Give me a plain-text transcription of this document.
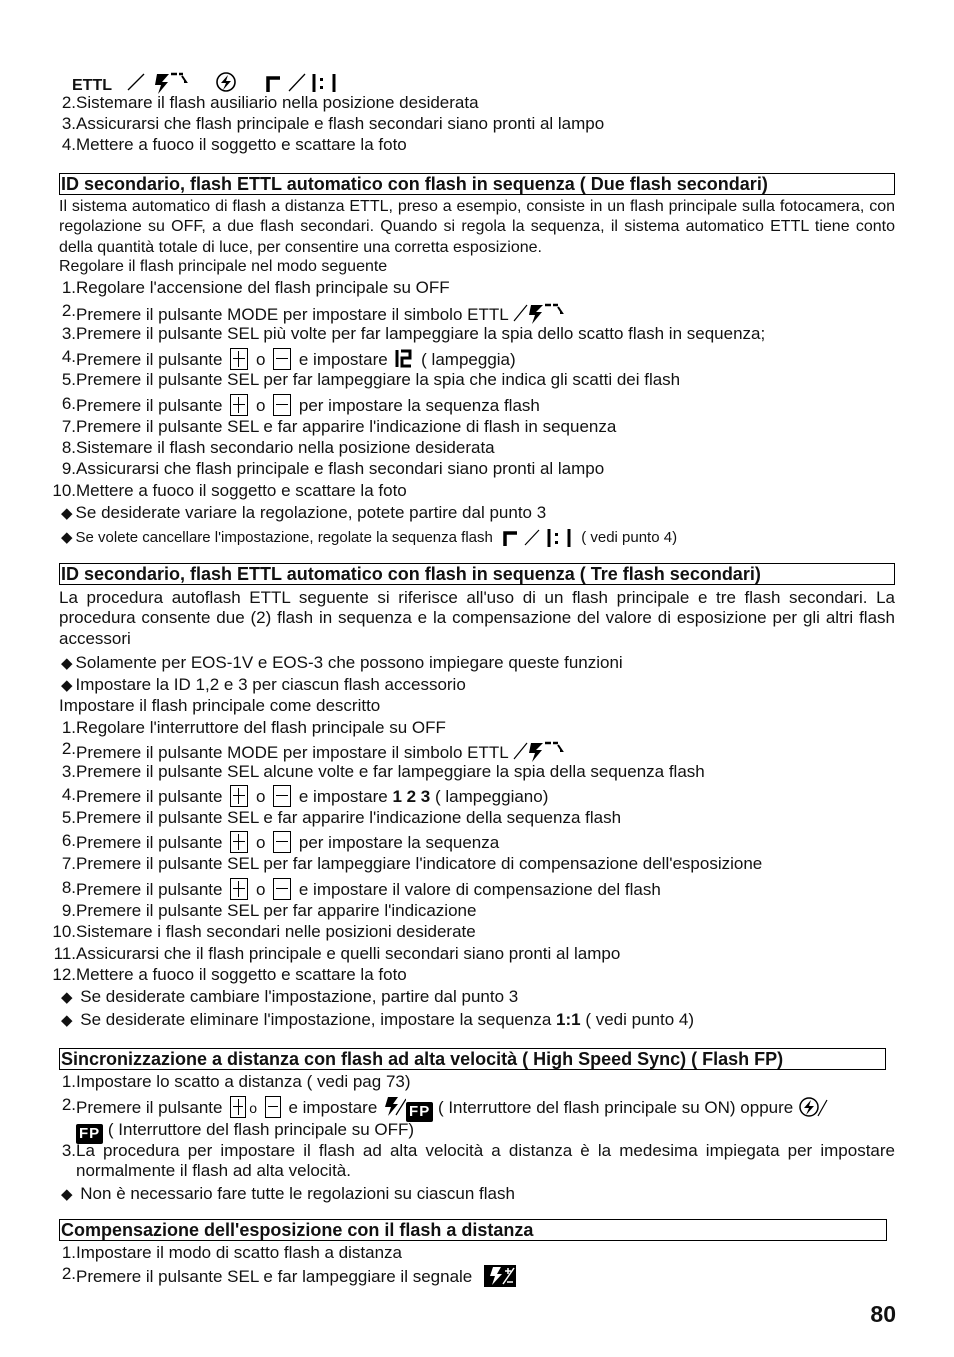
ETTL
2. Sistemare il flash ausiliario nella posizione desiderata
3. Assicurarsi che flash principale e flash secondari siano pronti al lampo
4. Mettere a fuoco il soggetto e scattare la foto
ID secondario, flash ETTL automatico con flash in sequenza ( Due flash secondari)
Il sistema automatico di flash a distanza ETTL, preso a esempio, consiste in un flash principale sulla fotocamera, con regolazione su OFF, a due flash secondari. Quando si regola la sequenza, il sistema automatico ETTL tiene conto della quantità totale di luce, per consentire una corretta esposizione.
Regolare il flash principale nel modo seguente
1. Regolare l'accensione del flash principale su OFF
2. Premere il pulsante MODE per impostare il simbolo ETTL
3. Premere il pulsante SEL più volte per far lampeggiare la spia dello scatto flash in sequenza;
4. Premere il pulsante o e impostare ( lampeggia)
5. Premere il pulsante SEL per far lampeggiare la spia che indica gli scatti dei flash
6. Premere il pulsante o per impostare la sequenza flash
7. Premere il pulsante SEL e far apparire l'indicazione di flash in sequenza
8. Sistemare il flash secondario nella posizione desiderata
9. Assicurarsi che flash principale e flash secondari siano pronti al lampo
10. Mettere a fuoco il soggetto e scattare la foto
◆ Se desiderate variare la regolazione, potete partire dal punto 3
◆ Se volete cancellare l'impostazione, regolate la sequenza flash	( vedi punto 4)
ID secondario, flash ETTL automatico con flash in sequenza ( Tre flash secondari)
La procedura autoflash ETTL seguente si riferisce all'uso di un flash principale e tre flash secondari. La procedura consente due (2) flash in sequenza e la compensazione del valore di esposizione per gli altri flash accessori
◆ Solamente per EOS-1V e EOS-3 che possono impiegare queste funzioni
◆ Impostare la ID 1,2 e 3 per ciascun flash accessorio
Impostare il flash principale come descritto
1. Regolare l'interruttore del flash principale su OFF
2. Premere il pulsante MODE per impostare il simbolo ETTL
3. Premere il pulsante SEL alcune volte e far lampeggiare la spia della sequenza flash
4. Premere il pulsante o e impostare 1 2 3 ( lampeggiano)
5. Premere il pulsante SEL e far apparire l'indicazione della sequenza flash
6. Premere il pulsante o per impostare la sequenza
7. Premere il pulsante SEL per far lampeggiare l'indicatore di compensazione dell'esposizione
8. Premere il pulsante o e impostare il valore di compensazione del flash
9. Premere il pulsante SEL per far apparire l'indicazione
10. Sistemare i flash secondari nelle posizioni desiderate
11. Assicurarsi che il flash principale e quelli secondari siano pronti al lampo
12. Mettere a fuoco il soggetto e scattare la foto
◆ Se desiderate cambiare l'impostazione, partire dal punto 3
◆ Se desiderate eliminare l'impostazione, impostare la sequenza 1:1 ( vedi punto 4)
Sincronizzazione a distanza con flash ad alta velocità ( High Speed Sync) ( Flash FP)
1. Impostare lo scatto a distanza ( vedi pag 73)
2. Premere il pulsante o e impostare FP ( Interruttore del flash principale su ON) oppure
FP ( Interruttore del flash principale su OFF)
3. La procedura per impostare il flash ad alta velocità a distanza è la medesima impiegata per impostare normalmente il flash ad alta velocità.
◆ Non è necessario fare tutte le regolazioni su ciascun flash
Compensazione dell'esposizione con il flash a distanza
1. Impostare il modo di scatto flash a distanza
2. Premere il pulsante SEL e far lampeggiare il segnale
80
